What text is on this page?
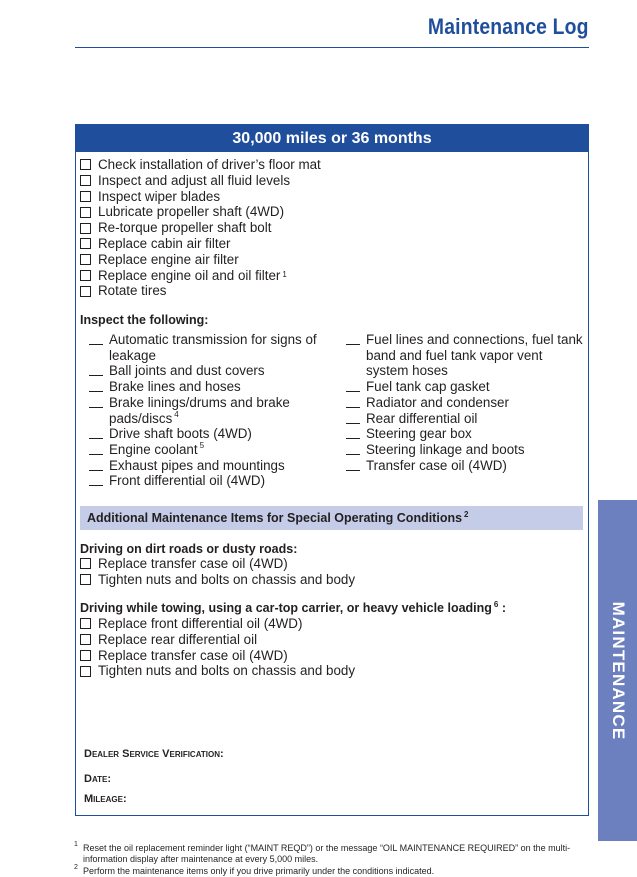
Maintenance Log
30,000 miles or 36 months
Check installation of driver’s floor mat
Inspect and adjust all fluid levels
Inspect wiper blades
Lubricate propeller shaft (4WD)
Re-torque propeller shaft bolt
Replace cabin air filter
Replace engine air filter
Replace engine oil and oil filter 1
Rotate tires
Inspect the following:
Automatic transmission for signs of leakage
Ball joints and dust covers
Brake lines and hoses
Brake linings/drums and brake pads/discs $^4$
Drive shaft boots (4WD)
Engine coolant $^5$
Exhaust pipes and mountings
Front differential oil (4WD)
Fuel lines and connections, fuel tank band and fuel tank vapor vent system hoses
Fuel tank cap gasket
Radiator and condenser
Rear differential oil
Steering gear box
Steering linkage and boots
Transfer case oil (4WD)
Additional Maintenance Items for Special Operating Conditions $^2$
Driving on dirt roads or dusty roads:
Replace transfer case oil (4WD)
Tighten nuts and bolts on chassis and body
Driving while towing, using a car-top carrier, or heavy vehicle loading $^6$ :
Replace front differential oil (4WD)
Replace rear differential oil
Replace transfer case oil (4WD)
Tighten nuts and bolts on chassis and body
Dealer Service Verification:
Date:
Mileage:
MAINTENANCE
1 Reset the oil replacement reminder light (“MAINT REQD”) or the message “OIL MAINTENANCE REQUIRED” on the multi-information display after maintenance at every 5,000 miles.
2 Perform the maintenance items only if you drive primarily under the conditions indicated.
